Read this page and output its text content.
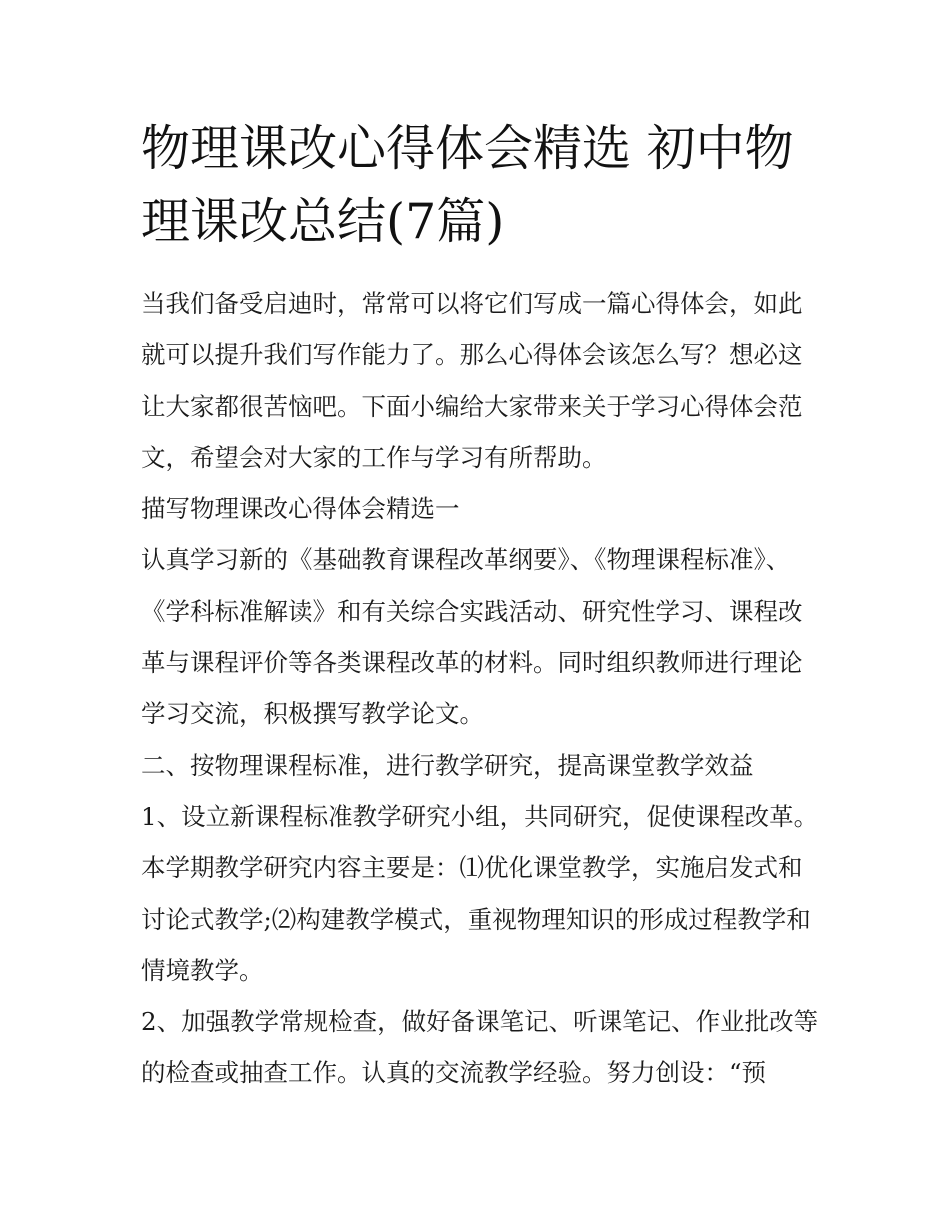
物理课改心得体会精选 初中物理课改总结(7篇)

当我们备受启迪时，常常可以将它们写成一篇心得体会，如此就可以提升我们写作能力了。那么心得体会该怎么写？想必这让大家都很苦恼吧。下面小编给大家带来关于学习心得体会范文，希望会对大家的工作与学习有所帮助。

描写物理课改心得体会精选一

认真学习新的《基础教育课程改革纲要》、《物理课程标准》、《学科标准解读》和有关综合实践活动、研究性学习、课程改革与课程评价等各类课程改革的材料。同时组织教师进行理论学习交流，积极撰写教学论文。

二、按物理课程标准，进行教学研究，提高课堂教学效益

1、设立新课程标准教学研究小组，共同研究，促使课程改革。本学期教学研究内容主要是：⑴优化课堂教学，实施启发式和讨论式教学;⑵构建教学模式，重视物理知识的形成过程教学和情境教学。

2、加强教学常规检查，做好备课笔记、听课笔记、作业批改等的检查或抽查工作。认真的交流教学经验。努力创设：“预
